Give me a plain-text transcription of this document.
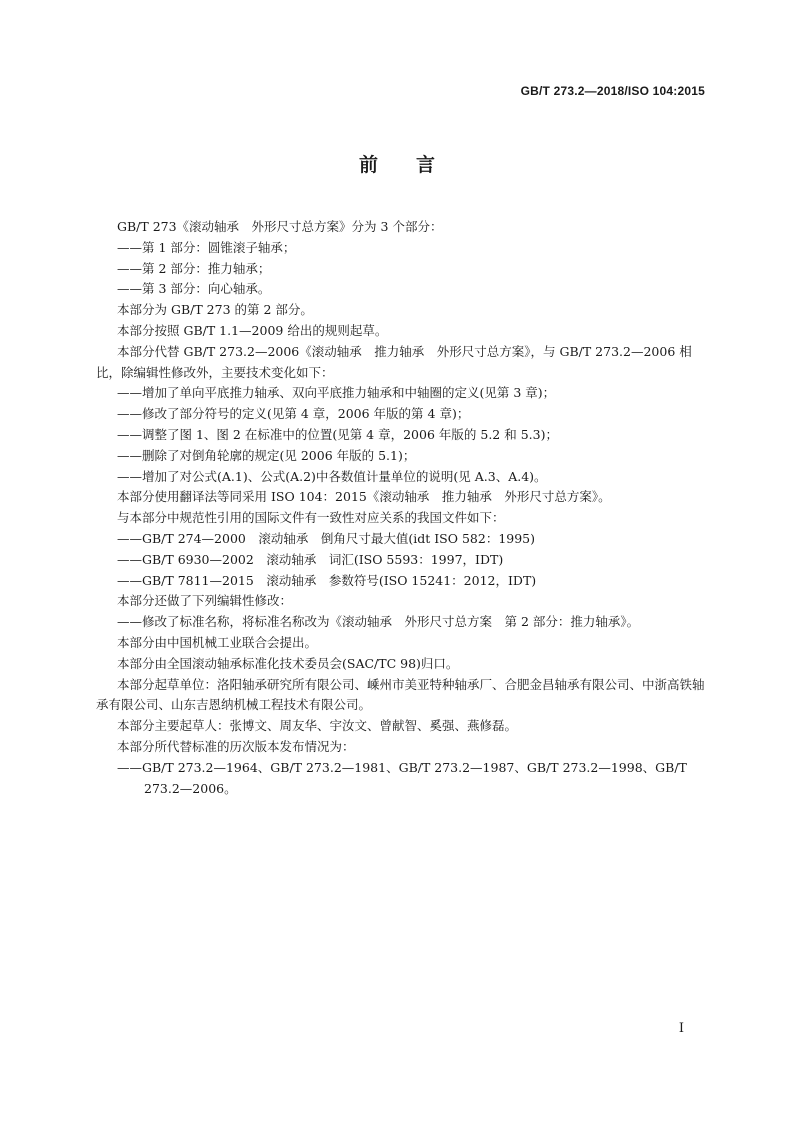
GB/T 273.2—2018/ISO 104:2015
前言

GB/T 273《滚动轴承　外形尺寸总方案》分为 3 个部分：

——第 1 部分：圆锥滚子轴承；

——第 2 部分：推力轴承；

——第 3 部分：向心轴承。

本部分为 GB/T 273 的第 2 部分。

本部分按照 GB/T 1.1—2009 给出的规则起草。

本部分代替 GB/T 273.2—2006《滚动轴承　推力轴承　外形尺寸总方案》，与 GB/T 273.2—2006 相比，除编辑性修改外，主要技术变化如下：

——增加了单向平底推力轴承、双向平底推力轴承和中轴圈的定义(见第 3 章)；

——修改了部分符号的定义(见第 4 章，2006 年版的第 4 章)；

——调整了图 1、图 2 在标准中的位置(见第 4 章，2006 年版的 5.2 和 5.3)；

——删除了对倒角轮廓的规定(见 2006 年版的 5.1)；

——增加了对公式(A.1)、公式(A.2)中各数值计量单位的说明(见 A.3、A.4)。

本部分使用翻译法等同采用 ISO 104：2015《滚动轴承　推力轴承　外形尺寸总方案》。

与本部分中规范性引用的国际文件有一致性对应关系的我国文件如下：

——GB/T 274—2000　滚动轴承　倒角尺寸最大值(idt ISO 582：1995)

——GB/T 6930—2002　滚动轴承　词汇(ISO 5593：1997，IDT)

——GB/T 7811—2015　滚动轴承　参数符号(ISO 15241：2012，IDT)

本部分还做了下列编辑性修改：

——修改了标准名称，将标准名称改为《滚动轴承　外形尺寸总方案　第 2 部分：推力轴承》。

本部分由中国机械工业联合会提出。

本部分由全国滚动轴承标准化技术委员会(SAC/TC 98)归口。

本部分起草单位：洛阳轴承研究所有限公司、嵊州市美亚特种轴承厂、合肥金昌轴承有限公司、中浙高铁轴承有限公司、山东吉恩纳机械工程技术有限公司。

本部分主要起草人：张博文、周友华、宇汝文、曾献智、奚强、燕修磊。

本部分所代替标准的历次版本发布情况为：

——GB/T 273.2—1964、GB/T 273.2—1981、GB/T 273.2—1987、GB/T 273.2—1998、GB/T 273.2—2006。

I
